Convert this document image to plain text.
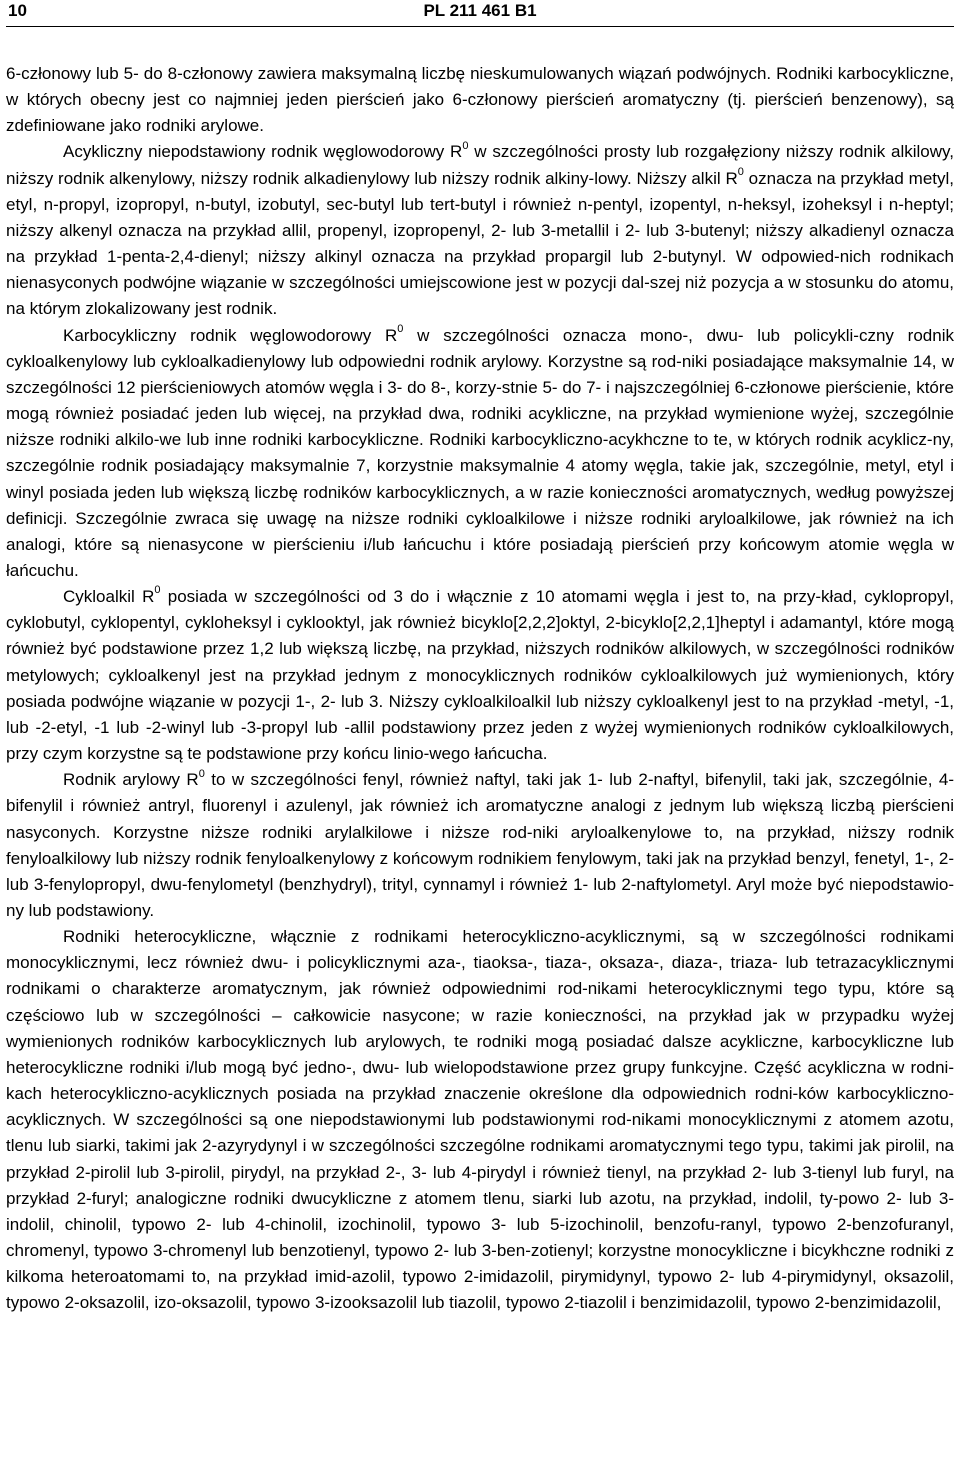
10	PL 211 461 B1

6-członowy lub 5- do 8-członowy zawiera maksymalną liczbę nieskumulowanych wiązań podwójnych. Rodniki karbocykliczne, w których obecny jest co najmniej jeden pierścień jako 6-członowy pierścień aromatyczny (tj. pierścień benzenowy), są zdefiniowane jako rodniki arylowe.

Acykliczny niepodstawiony rodnik węglowodorowy $R^0$ w szczególności prosty lub rozgałęziony niższy rodnik alkilowy, niższy rodnik alkenylowy, niższy rodnik alkadienylowy lub niższy rodnik alkiny-lowy. Niższy alkil $R^0$ oznacza na przykład metyl, etyl, n-propyl, izopropyl, n-butyl, izobutyl, sec-butyl lub tert-butyl i również n-pentyl, izopentyl, n-heksyl, izoheksyl i n-heptyl; niższy alkenyl oznacza na przykład allil, propenyl, izopropenyl, 2- lub 3-metallil i 2- lub 3-butenyl; niższy alkadienyl oznacza na przykład 1-penta-2,4-dienyl; niższy alkinyl oznacza na przykład propargil lub 2-butynyl. W odpowied-nich rodnikach nienasyconych podwójne wiązanie w szczególności umiejscowione jest w pozycji dal-szej niż pozycja a w stosunku do atomu, na którym zlokalizowany jest rodnik.

Karbocykliczny rodnik węglowodorowy $R^0$ w szczególności oznacza mono-, dwu- lub policykli-czny rodnik cykloalkenylowy lub cykloalkadienylowy lub odpowiedni rodnik arylowy. Korzystne są rod-niki posiadające maksymalnie 14, w szczególności 12 pierścieniowych atomów węgla i 3- do 8-, korzy-stnie 5- do 7- i najszczególniej 6-członowe pierścienie, które mogą również posiadać jeden lub więcej, na przykład dwa, rodniki acykliczne, na przykład wymienione wyżej, szczególnie niższe rodniki alkilo-we lub inne rodniki karbocykliczne. Rodniki karbocykliczno-acykhczne to te, w których rodnik acyklicz-ny, szczególnie rodnik posiadający maksymalnie 7, korzystnie maksymalnie 4 atomy węgla, takie jak, szczególnie, metyl, etyl i winyl posiada jeden lub większą liczbę rodników karbocyklicznych, a w razie konieczności aromatycznych, według powyższej definicji. Szczególnie zwraca się uwagę na niższe rodniki cykloalkilowe i niższe rodniki aryloalkilowe, jak również na ich analogi, które są nienasycone w pierścieniu i/lub łańcuchu i które posiadają pierścień przy końcowym atomie węgla w łańcuchu.

Cykloalkil $R^0$ posiada w szczególności od 3 do i włącznie z 10 atomami węgla i jest to, na przy-kład, cyklopropyl, cyklobutyl, cyklopentyl, cykloheksyl i cyklooktyl, jak również bicyklo[2,2,2]oktyl, 2-bicyklo[2,2,1]heptyl i adamantyl, które mogą również być podstawione przez 1,2 lub większą liczbę, na przykład, niższych rodników alkilowych, w szczególności rodników metylowych; cykloalkenyl jest na przykład jednym z monocyklicznych rodników cykloalkilowych już wymienionych, który posiada podwójne wiązanie w pozycji 1-, 2- lub 3. Niższy cykloalkiloalkil lub niższy cykloalkenyl jest to na przykład -metyl, -1, lub -2-etyl, -1 lub -2-winyl lub -3-propyl lub -allil podstawiony przez jeden z wyżej wymienionych rodników cykloalkilowych, przy czym korzystne są te podstawione przy końcu linio-wego łańcucha.

Rodnik arylowy $R^0$ to w szczególności fenyl, również naftyl, taki jak 1- lub 2-naftyl, bifenylil, taki jak, szczególnie, 4-bifenylil i również antryl, fluorenyl i azulenyl, jak również ich aromatyczne analogi z jednym lub większą liczbą pierścieni nasyconych. Korzystne niższe rodniki arylalkilowe i niższe rod-niki aryloalkenylowe to, na przykład, niższy rodnik fenyloalkilowy lub niższy rodnik fenyloalkenylowy z końcowym rodnikiem fenylowym, taki jak na przykład benzyl, fenetyl, 1-, 2- lub 3-fenylopropyl, dwu-fenylometyl (benzhydryl), trityl, cynnamyl i również 1- lub 2-naftylometyl. Aryl może być niepodstawio-ny lub podstawiony.

Rodniki heterocykliczne, włącznie z rodnikami heterocykliczno-acyklicznymi, są w szczególności rodnikami monocyklicznymi, lecz również dwu- i policyklicznymi aza-, tiaoksa-, tiaza-, oksaza-, diaza-, triaza- lub tetrazacyklicznymi rodnikami o charakterze aromatycznym, jak również odpowiednimi rod-nikami heterocyklicznymi tego typu, które są częściowo lub w szczególności – całkowicie nasycone; w razie konieczności, na przykład jak w przypadku wyżej wymienionych rodników karbocyklicznych lub arylowych, te rodniki mogą posiadać dalsze acykliczne, karbocykliczne lub heterocykliczne rodniki i/lub mogą być jedno-, dwu- lub wielopodstawione przez grupy funkcyjne. Część acykliczna w rodni-kach heterocykliczno-acyklicznych posiada na przykład znaczenie określone dla odpowiednich rodni-ków karbocykliczno-acyklicznych. W szczególności są one niepodstawionymi lub podstawionymi rod-nikami monocyklicznymi z atomem azotu, tlenu lub siarki, takimi jak 2-azyrydynyl i w szczególności szczególne rodnikami aromatycznymi tego typu, takimi jak pirolil, na przykład 2-pirolil lub 3-pirolil, pirydyl, na przykład 2-, 3- lub 4-pirydyl i również tienyl, na przykład 2- lub 3-tienyl lub furyl, na przykład 2-furyl; analogiczne rodniki dwucykliczne z atomem tlenu, siarki lub azotu, na przykład, indolil, ty-powo 2- lub 3-indolil, chinolil, typowo 2- lub 4-chinolil, izochinolil, typowo 3- lub 5-izochinolil, benzofu-ranyl, typowo 2-benzofuranyl, chromenyl, typowo 3-chromenyl lub benzotienyl, typowo 2- lub 3-ben-zotienyl; korzystne monocykliczne i bicykhczne rodniki z kilkoma heteroatomami to, na przykład imid-azolil, typowo 2-imidazolil, pirymidynyl, typowo 2- lub 4-pirymidynyl, oksazolil, typowo 2-oksazolil, izo-oksazolil, typowo 3-izooksazolil lub tiazolil, typowo 2-tiazolil i benzimidazolil, typowo 2-benzimidazolil,
